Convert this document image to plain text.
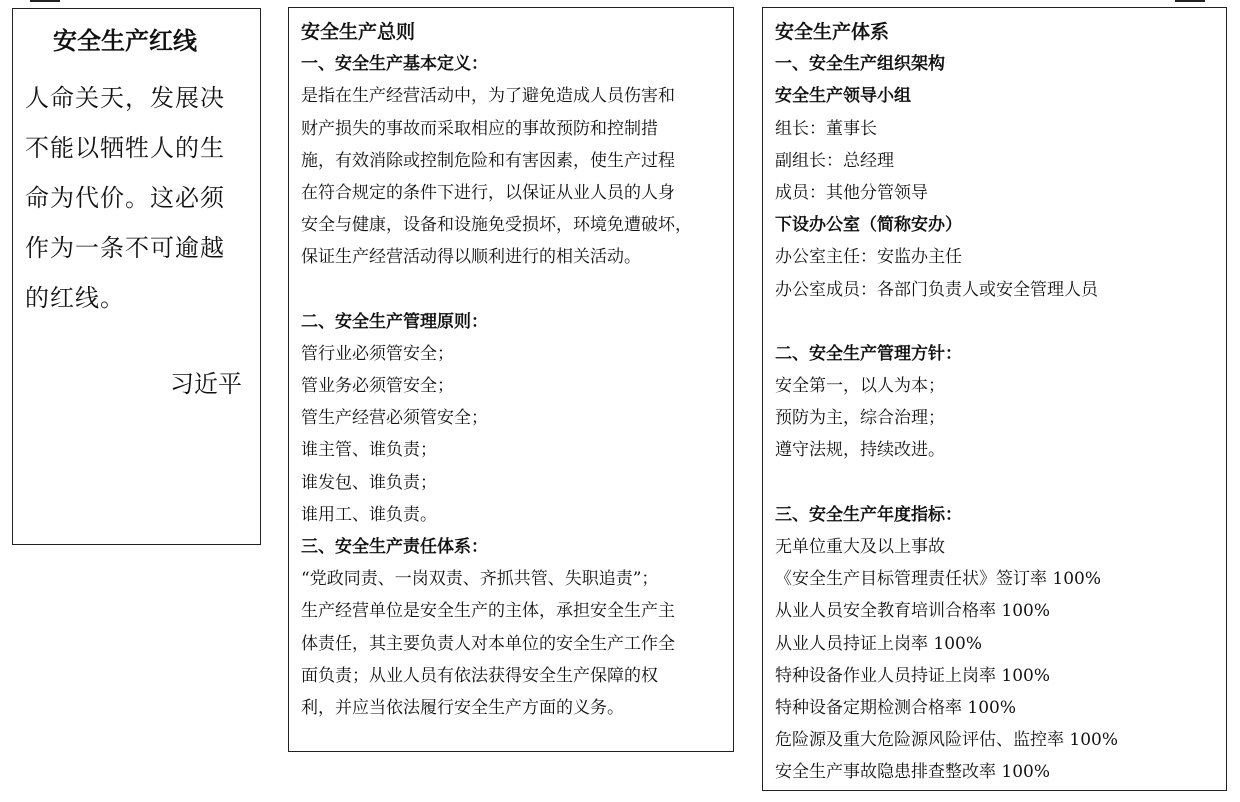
安全生产红线
人命关天，发展决不能以牺牲人的生命为代价。这必须作为一条不可逾越的红线。
习近平
安全生产总则
一、安全生产基本定义：
是指在生产经营活动中，为了避免造成人员伤害和
财产损失的事故而采取相应的事故预防和控制措
施，有效消除或控制危险和有害因素，使生产过程
在符合规定的条件下进行，以保证从业人员的人身
安全与健康，设备和设施免受损坏，环境免遭破坏，
保证生产经营活动得以顺利进行的相关活动。
二、安全生产管理原则：
管行业必须管安全；
管业务必须管安全；
管生产经营必须管安全；
谁主管、谁负责；
谁发包、谁负责；
谁用工、谁负责。
三、安全生产责任体系：
“党政同责、一岗双责、齐抓共管、失职追责”；
生产经营单位是安全生产的主体，承担安全生产主
体责任，其主要负责人对本单位的安全生产工作全
面负责；从业人员有依法获得安全生产保障的权
利，并应当依法履行安全生产方面的义务。
安全生产体系
一、安全生产组织架构
安全生产领导小组
组长：董事长
副组长：总经理
成员：其他分管领导
下设办公室（简称安办）
办公室主任：安监办主任
办公室成员：各部门负责人或安全管理人员
二、安全生产管理方针：
安全第一，以人为本；
预防为主，综合治理；
遵守法规，持续改进。
三、安全生产年度指标：
无单位重大及以上事故
《安全生产目标管理责任状》签订率 100%
从业人员安全教育培训合格率 100%
从业人员持证上岗率 100%
特种设备作业人员持证上岗率 100%
特种设备定期检测合格率 100%
危险源及重大危险源风险评估、监控率 100%
安全生产事故隐患排查整改率 100%
